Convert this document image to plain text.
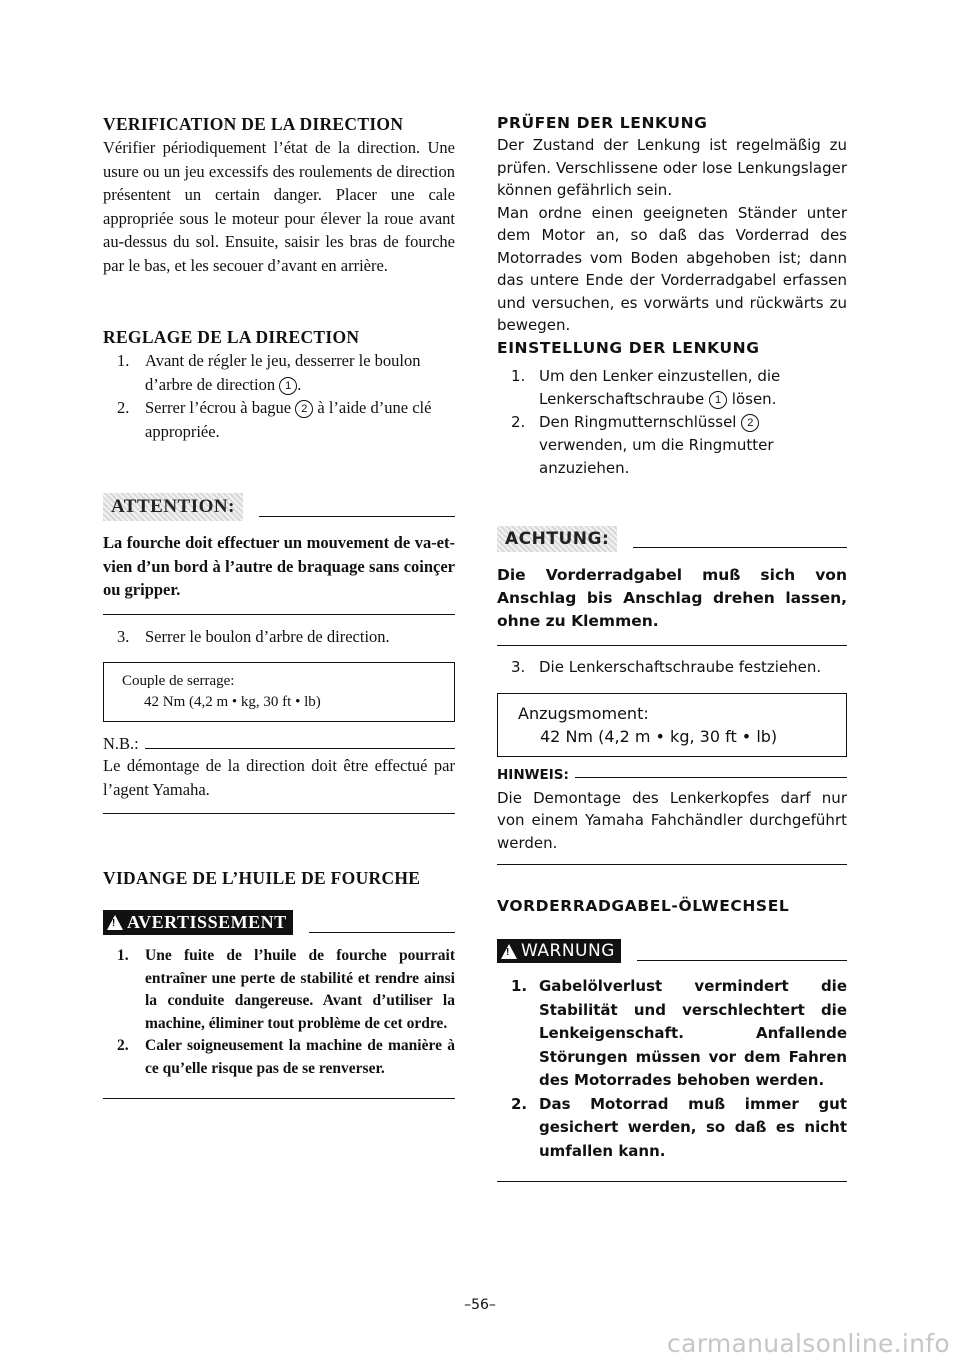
VERIFICATION DE LA DIRECTION

Vérifier périodiquement l’état de la direction. Une usure ou un jeu excessifs des roulements de direction présentent un certain danger. Placer une cale appropriée sous le moteur pour élever la roue avant au-dessus du sol. Ensuite, saisir les bras de fourche par le bas, et les secouer d’avant en arrière.

REGLAGE DE LA DIRECTION
1. Avant de régler le jeu, desserrer le boulon d’arbre de direction 1 .
2. Serrer l’écrou à bague 2 à l’aide d’une clé appropriée.
ATTENTION:

La fourche doit effectuer un mouvement de va-et-vien d’un bord à l’autre de braquage sans coinçer ou gripper.

3. Serrer le boulon d’arbre de direction.
Couple de serrage:
42 Nm (4,2 m • kg, 30 ft • lb)
N.B.:

Le démontage de la direction doit être effectué par l’agent Yamaha.

VIDANGE DE L’HUILE DE FOURCHE
! AVERTISSEMENT
1.	Une fuite de l’huile de fourche pourrait entraîner une perte de stabilité et rendre ainsi la conduite dangereuse. Avant d’utiliser la machine, éliminer tout problème de cet ordre.
2.	Caler soigneusement la machine de manière à ce qu’elle risque pas de se renverser.
PRÜFEN DER LENKUNG

Der Zustand der Lenkung ist regelmäßig zu prüfen. Verschlissene oder lose Lenkungslager können gefährlich sein.

Man ordne einen geeigneten Ständer unter dem Motor an, so daß das Vorderrad des Motorrades vom Boden abgehoben ist; dann das untere Ende der Vorderradgabel erfassen und versuchen, es vorwärts und rückwärts zu bewegen.

EINSTELLUNG DER LENKUNG
1. Um den Lenker einzustellen, die Lenkerschaftschraube 1 lösen.
2. Den Ringmutternschlüssel 2 verwenden, um die Ringmutter anzuziehen.
ACHTUNG:

Die Vorderradgabel muß sich von Anschlag bis Anschlag drehen lassen, ohne zu Klemmen.

3. Die Lenkerschaftschraube festziehen.
Anzugsmoment:
42 Nm (4,2 m • kg, 30 ft • lb)
HINWEIS:

Die Demontage des Lenkerkopfes darf nur von einem Yamaha Fahchändler durchgeführt werden.

VORDERRADGABEL-ÖLWECHSEL
! WARNUNG
1. Gabelölverlust vermindert die Stabilität und verschlechtert die Lenkeigenschaft. Anfallende Störungen müssen vor dem Fahren des Motorrades behoben werden.
2. Das Motorrad muß immer gut gesichert werden, so daß es nicht umfallen kann.
–56–
carmanualsonline.info
